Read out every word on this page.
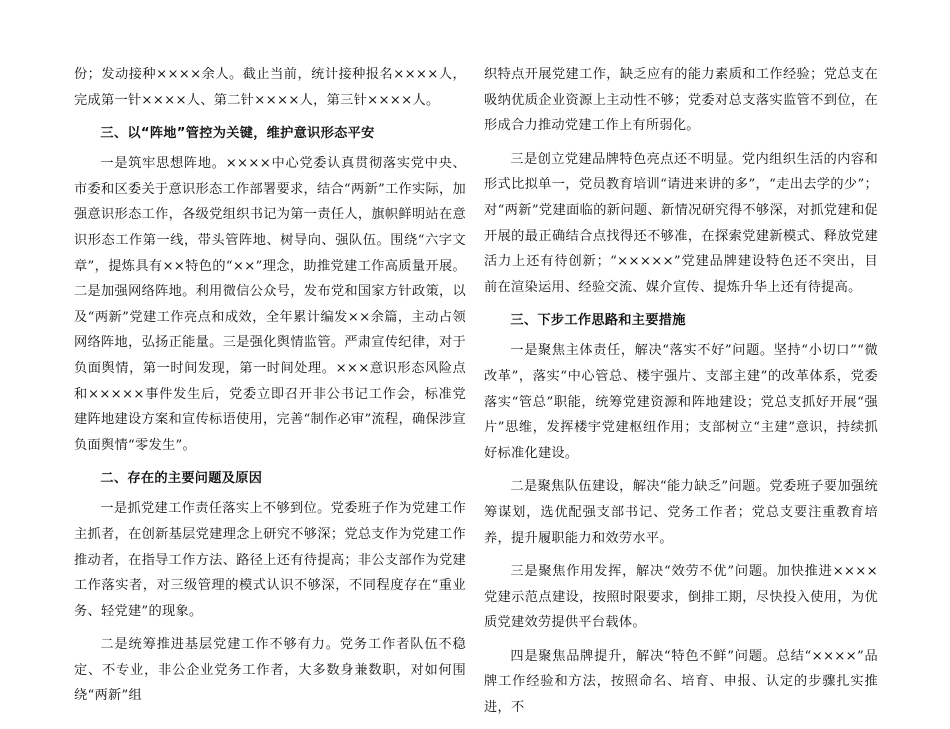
份；发动接种××××余人。截止当前，统计接种报名××××人，完成第一针××××人、第二针××××人，第三针××××人。

三、以“阵地”管控为关键，维护意识形态平安

一是筑牢思想阵地。××××中心党委认真贯彻落实党中央、市委和区委关于意识形态工作部署要求，结合“两新”工作实际，加强意识形态工作，各级党组织书记为第一责任人，旗帜鲜明站在意识形态工作第一线，带头管阵地、树导向、强队伍。围绕“六字文章”，提炼具有××特色的“××”理念，助推党建工作高质量开展。二是加强网络阵地。利用微信公众号，发布党和国家方针政策，以及“两新”党建工作亮点和成效，全年累计编发××余篇，主动占领网络阵地，弘扬正能量。三是强化舆情监管。严肃宣传纪律，对于负面舆情，第一时间发现，第一时间处理。×××意识形态风险点和×××××事件发生后，党委立即召开非公书记工作会，标准党建阵地建设方案和宣传标语使用，完善“制作必审”流程，确保涉宣负面舆情“零发生”。

二、存在的主要问题及原因

一是抓党建工作责任落实上不够到位。党委班子作为党建工作主抓者，在创新基层党建理念上研究不够深；党总支作为党建工作推动者，在指导工作方法、路径上还有待提高；非公支部作为党建工作落实者，对三级管理的模式认识不够深，不同程度存在“重业务、轻党建”的现象。

二是统筹推进基层党建工作不够有力。党务工作者队伍不稳定、不专业，非公企业党务工作者，大多数身兼数职，对如何围绕“两新”组

织特点开展党建工作，缺乏应有的能力素质和工作经验；党总支在吸纳优质企业资源上主动性不够；党委对总支落实监管不到位，在形成合力推动党建工作上有所弱化。

三是创立党建品牌特色亮点还不明显。党内组织生活的内容和形式比拟单一，党员教育培训“请进来讲的多”，“走出去学的少”；对“两新”党建面临的新问题、新情况研究得不够深，对抓党建和促开展的最正确结合点找得还不够准，在探索党建新模式、释放党建活力上还有待创新；“×××××”党建品牌建设特色还不突出，目前在渲染运用、经验交流、媒介宣传、提炼升华上还有待提高。

三、下步工作思路和主要措施

一是聚焦主体责任，解决“落实不好”问题。坚持“小切口”“微改革”，落实“中心管总、楼宇强片、支部主建”的改革体系，党委落实“管总”职能，统筹党建资源和阵地建设；党总支抓好开展“强片”思维，发挥楼宇党建枢纽作用；支部树立“主建”意识，持续抓好标准化建设。

二是聚焦队伍建设，解决“能力缺乏”问题。党委班子要加强统筹谋划，选优配强支部书记、党务工作者；党总支要注重教育培养，提升履职能力和效劳水平。

三是聚焦作用发挥，解决“效劳不优”问题。加快推进××××党建示范点建设，按照时限要求，倒排工期，尽快投入使用，为优质党建效劳提供平台载体。

四是聚焦品牌提升，解决“特色不鲜”问题。总结“××××”品牌工作经验和方法，按照命名、培育、申报、认定的步骤扎实推进，不
